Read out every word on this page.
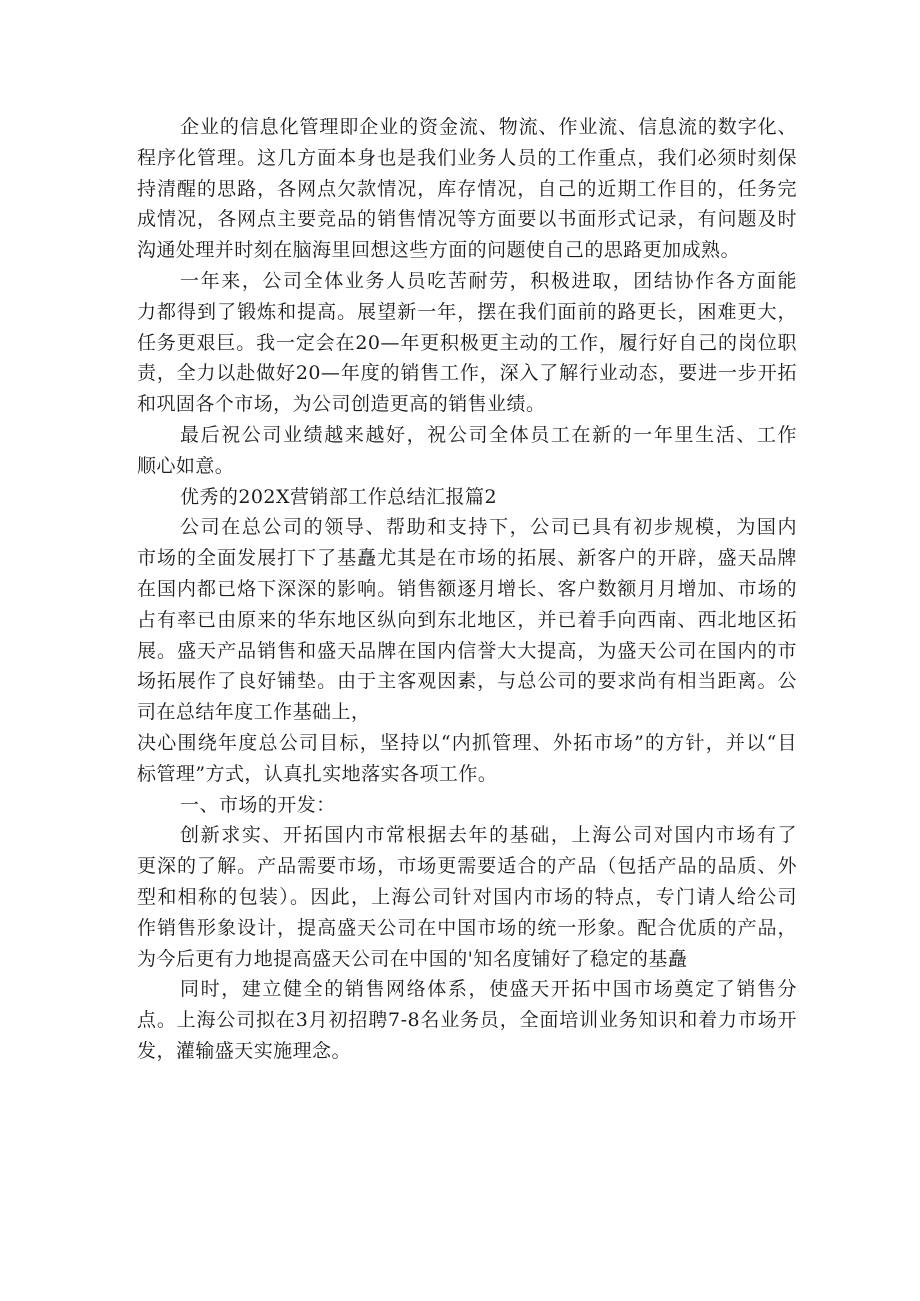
企业的信息化管理即企业的资金流、物流、作业流、信息流的数字化、

程序化管理。这几方面本身也是我们业务人员的工作重点，我们必须时刻保

持清醒的思路，各网点欠款情况，库存情况，自己的近期工作目的，任务完

成情况，各网点主要竞品的销售情况等方面要以书面形式记录，有问题及时

沟通处理并时刻在脑海里回想这些方面的问题使自己的思路更加成熟。

一年来，公司全体业务人员吃苦耐劳，积极进取，团结协作各方面能

力都得到了锻炼和提高。展望新一年，摆在我们面前的路更长，困难更大，

任务更艰巨。我一定会在20—年更积极更主动的工作，履行好自己的岗位职

责，全力以赴做好20—年度的销售工作，深入了解行业动态，要进一步开拓

和巩固各个市场，为公司创造更高的销售业绩。

最后祝公司业绩越来越好，祝公司全体员工在新的一年里生活、工作

顺心如意。

优秀的202X营销部工作总结汇报篇2

公司在总公司的领导、帮助和支持下，公司已具有初步规模，为国内

市场的全面发展打下了基矗尤其是在市场的拓展、新客户的开辟，盛天品牌

在国内都已烙下深深的影响。销售额逐月增长、客户数额月月增加、市场的

占有率已由原来的华东地区纵向到东北地区，并已着手向西南、西北地区拓

展。盛天产品销售和盛天品牌在国内信誉大大提高，为盛天公司在国内的市

场拓展作了良好铺垫。由于主客观因素，与总公司的要求尚有相当距离。公

司在总结年度工作基础上，

决心围绕年度总公司目标，坚持以“内抓管理、外拓市场”的方针，并以“目

标管理”方式，认真扎实地落实各项工作。

一、市场的开发：

创新求实、开拓国内市常根据去年的基础，上海公司对国内市场有了

更深的了解。产品需要市场，市场更需要适合的产品（包括产品的品质、外

型和相称的包装）。因此，上海公司针对国内市场的特点，专门请人给公司

作销售形象设计，提高盛天公司在中国市场的统一形象。配合优质的产品，

为今后更有力地提高盛天公司在中国的'知名度铺好了稳定的基矗

同时，建立健全的销售网络体系，使盛天开拓中国市场奠定了销售分

点。上海公司拟在3月初招聘7-8名业务员，全面培训业务知识和着力市场开

发，灌输盛天实施理念。
